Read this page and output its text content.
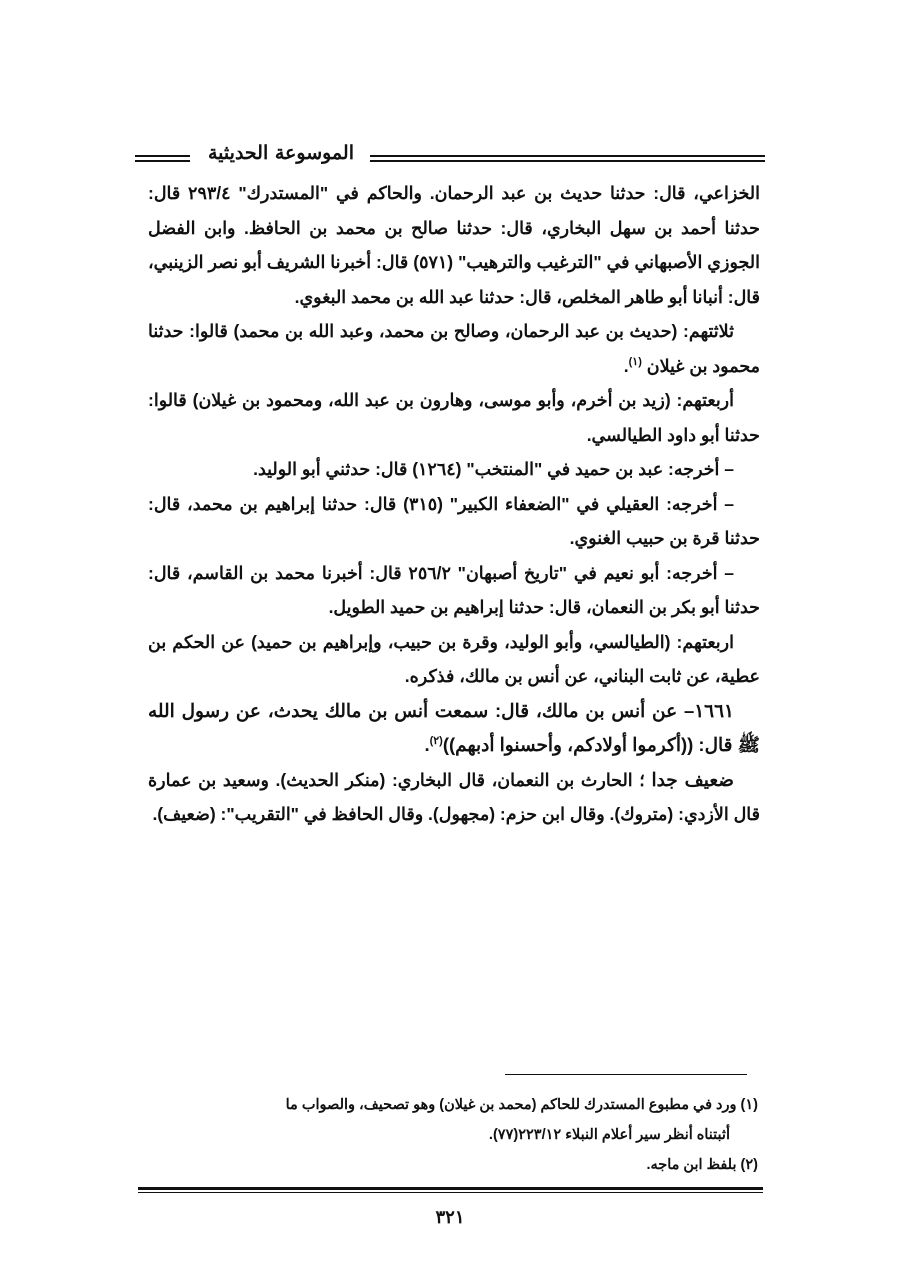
الموسوعة الحديثية

الخزاعي، قال: حدثنا حديث بن عبد الرحمان. والحاكم في "المستدرك" ٢٩٣/٤ قال: حدثنا أحمد بن سهل البخاري، قال: حدثنا صالح بن محمد بن الحافظ. وابن الفضل الجوزي الأصبهاني في "الترغيب والترهيب" (٥٧١) قال: أخبرنا الشريف أبو نصر الزينبي، قال: أنبانا أبو طاهر المخلص، قال: حدثنا عبد الله بن محمد البغوي.

ثلاثتهم: (حديث بن عبد الرحمان، وصالح بن محمد، وعبد الله بن محمد) قالوا: حدثنا محمود بن غيلان $^{(١)}$.

أربعتهم: (زيد بن أخرم، وأبو موسى، وهارون بن عبد الله، ومحمود بن غيلان) قالوا: حدثنا أبو داود الطيالسي.

– أخرجه: عبد بن حميد في "المنتخب" (١٢٦٤) قال: حدثني أبو الوليد.

– أخرجه: العقيلي في "الضعفاء الكبير" (٣١٥) قال: حدثنا إبراهيم بن محمد، قال: حدثنا قرة بن حبيب الغنوي.

– أخرجه: أبو نعيم في "تاريخ أصبهان" ٢٥٦/٢ قال: أخبرنا محمد بن القاسم، قال: حدثنا أبو بكر بن النعمان، قال: حدثنا إبراهيم بن حميد الطويل.

اربعتهم: (الطيالسي، وأبو الوليد، وقرة بن حبيب، وإبراهيم بن حميد) عن الحكم بن عطية، عن ثابت البناني، عن أنس بن مالك، فذكره.

١٦٦١– عن أنس بن مالك، قال: سمعت أنس بن مالك يحدث، عن رسول الله ﷺ قال: ((أكرموا أولادكم، وأحسنوا أدبهم))$^{(٢)}$.

ضعيف جدا ؛ الحارث بن النعمان، قال البخاري: (منكر الحديث). وسعيد بن عمارة قال الأزدي: (متروك). وقال ابن حزم: (مجهول). وقال الحافظ في "التقريب": (ضعيف).

(١) ورد في مطبوع المستدرك للحاكم (محمد بن غيلان) وهو تصحيف، والصواب ما

أثبتناه أنظر سير أعلام النبلاء ٢٢٣/١٢(٧٧).

(٢) بلفظ ابن ماجه.

٣٢١
